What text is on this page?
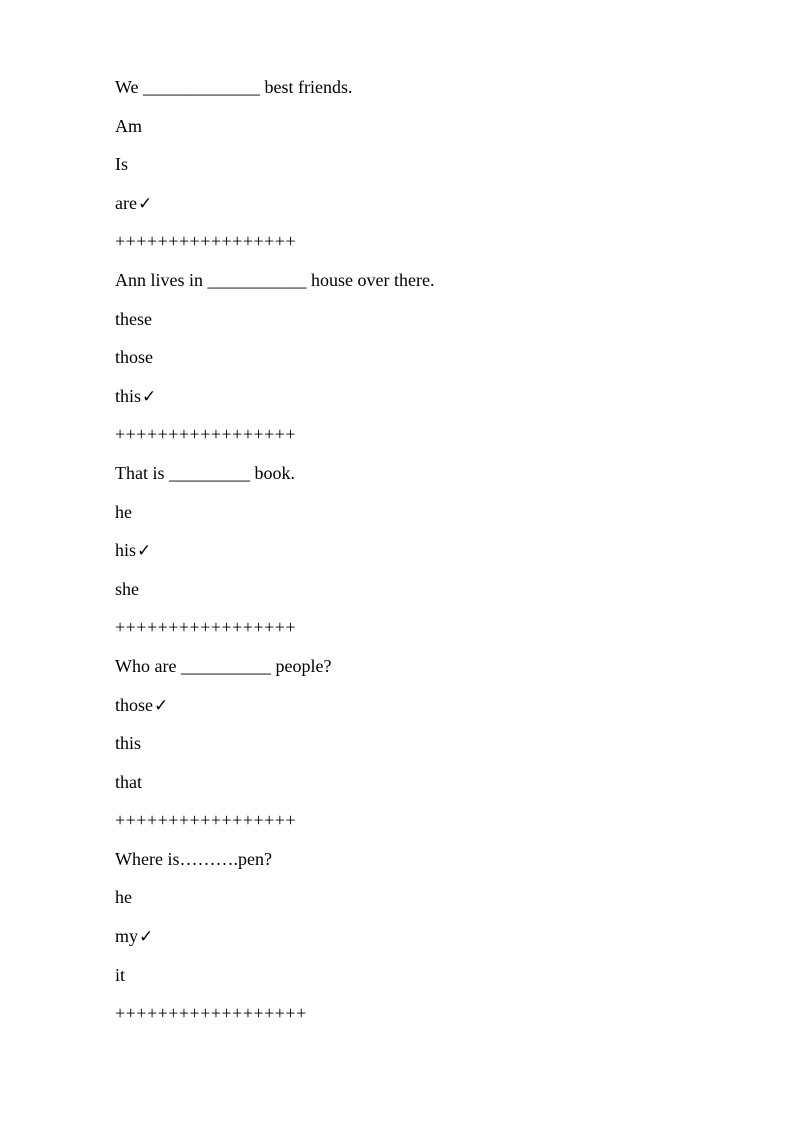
We _____________ best friends.
Am
Is
are✓
+++++++++++++++++
Ann lives in ___________ house over there.
these
those
this✓
+++++++++++++++++
That is _________ book.
he
his✓
she
+++++++++++++++++
Who are __________ people?
those✓
this
that
+++++++++++++++++
Where is……….pen?
he
my✓
it
++++++++++++++++++
